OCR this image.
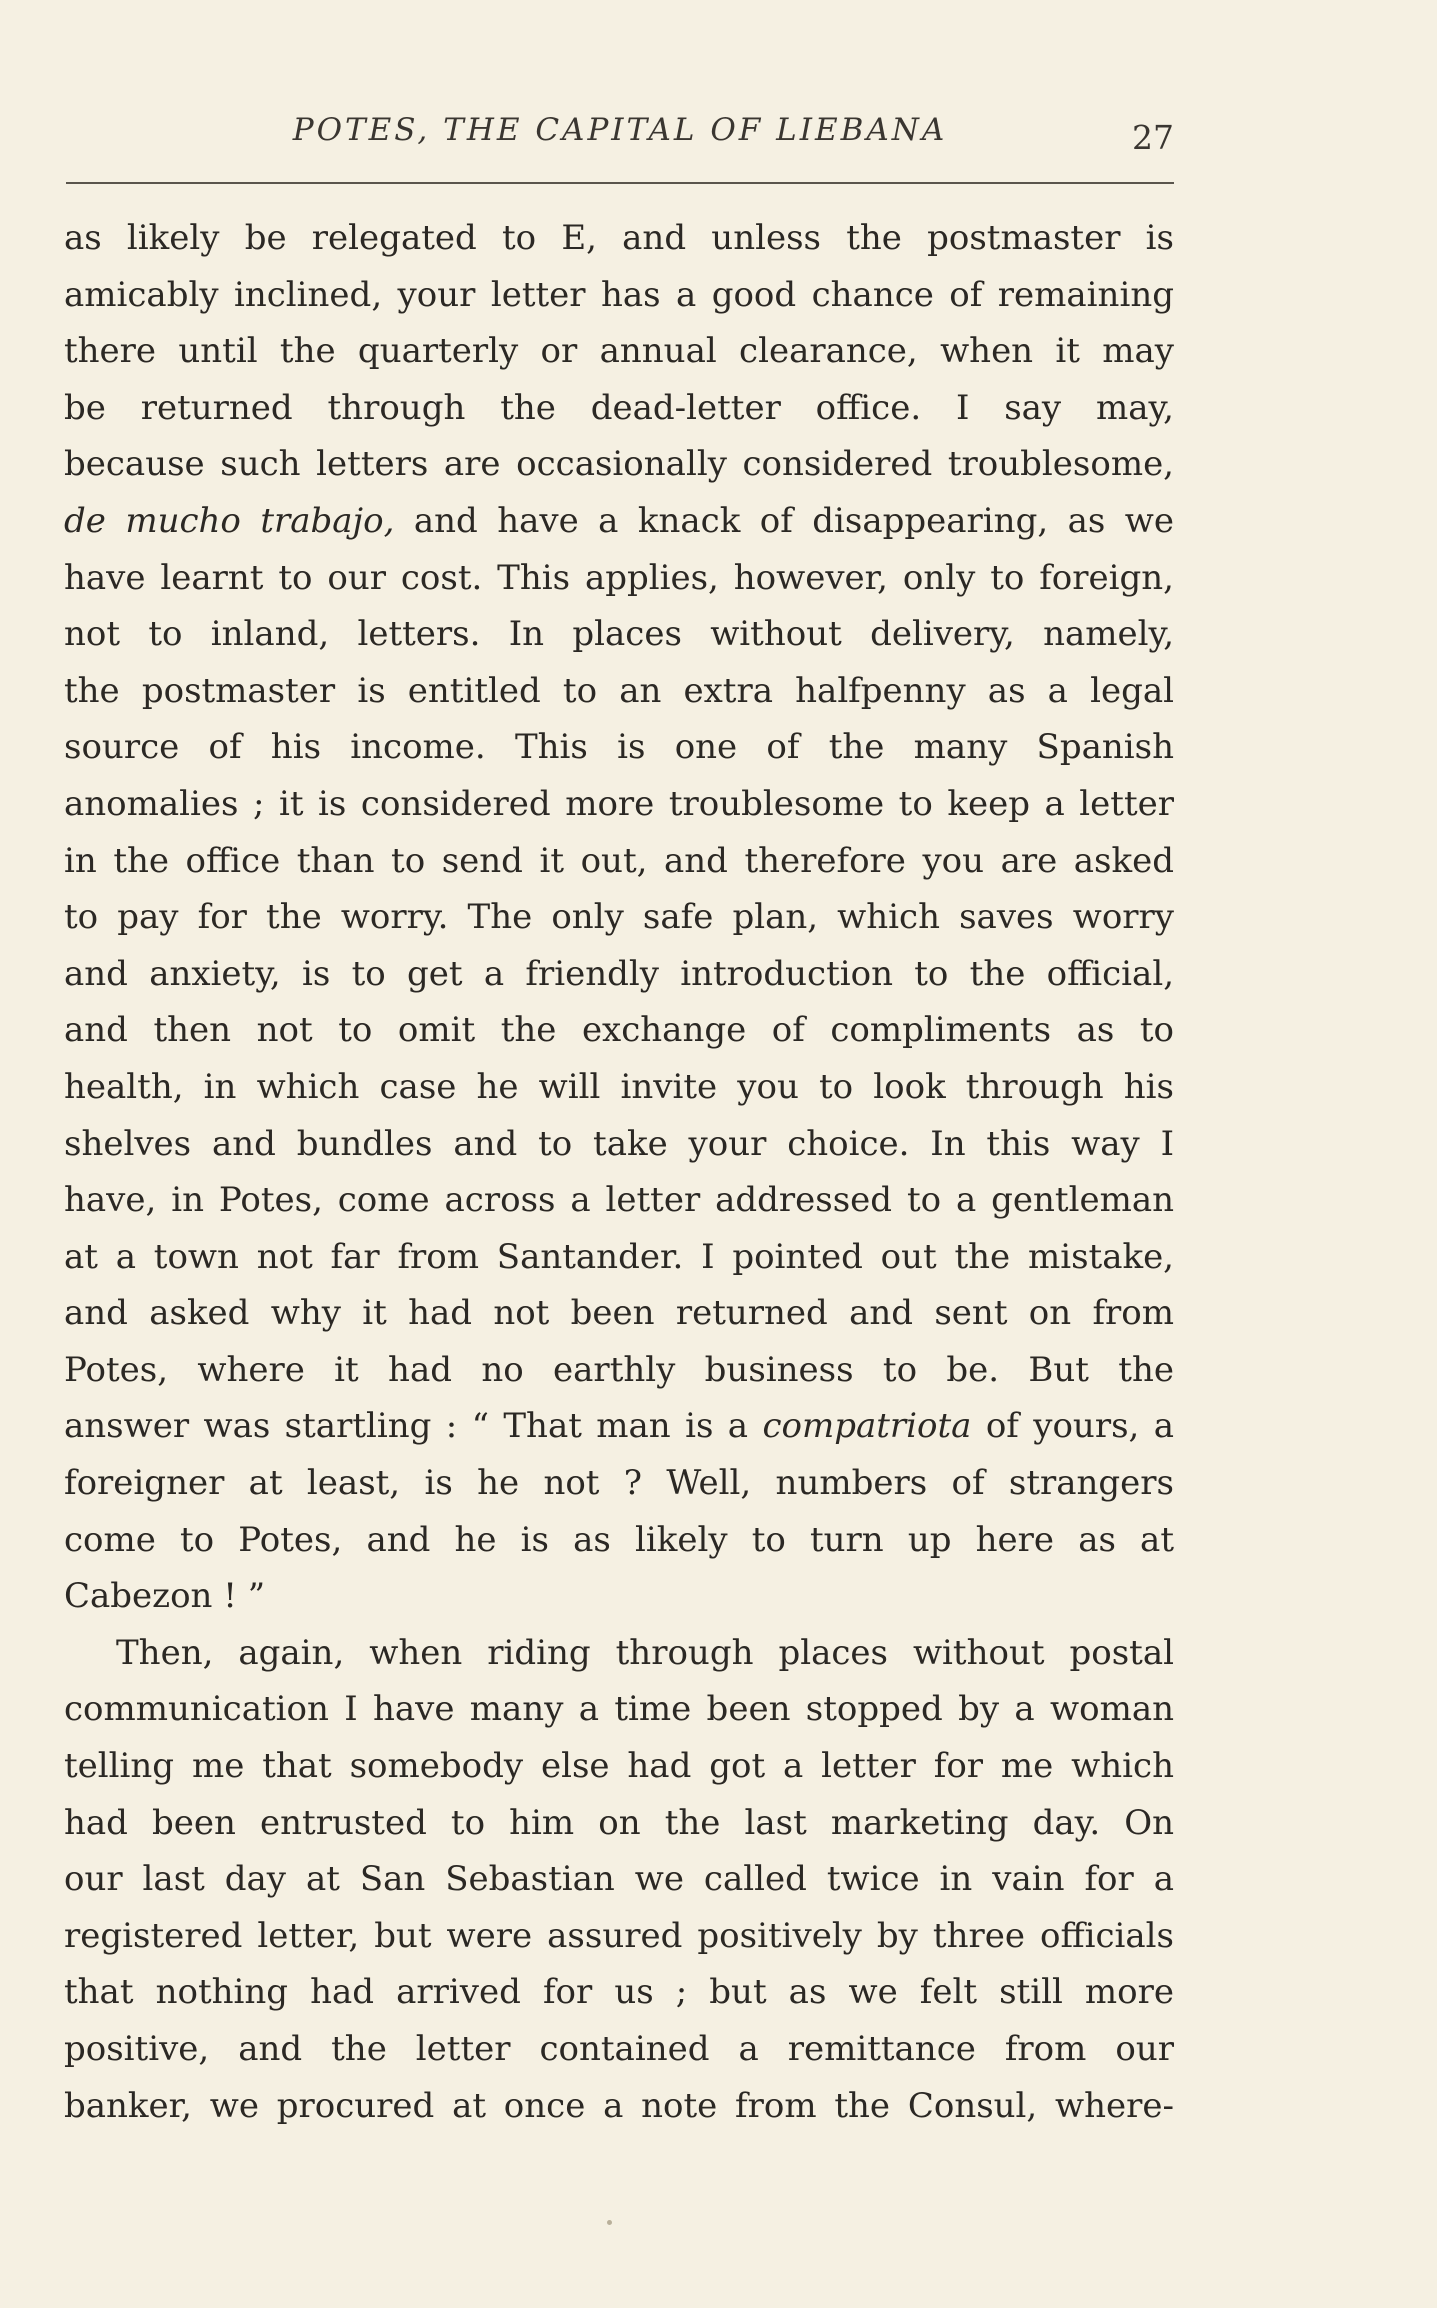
POTES, THE CAPITAL OF LIEBANA	27
as likely be relegated to E, and unless the postmaster is
amicably inclined, your letter has a good chance of remaining
there until the quarterly or annual clearance, when it may
be returned through the dead-letter office. I say may,
because such letters are occasionally considered troublesome,
de mucho trabajo, and have a knack of disappearing, as we
have learnt to our cost. This applies, however, only to foreign,
not to inland, letters. In places without delivery, namely,
the postmaster is entitled to an extra halfpenny as a legal
source of his income. This is one of the many Spanish
anomalies ; it is considered more troublesome to keep a letter
in the office than to send it out, and therefore you are asked
to pay for the worry. The only safe plan, which saves worry
and anxiety, is to get a friendly introduction to the official,
and then not to omit the exchange of compliments as to
health, in which case he will invite you to look through his
shelves and bundles and to take your choice. In this way I
have, in Potes, come across a letter addressed to a gentleman
at a town not far from Santander. I pointed out the mistake,
and asked why it had not been returned and sent on from
Potes, where it had no earthly business to be. But the
answer was startling : “ That man is a compatriota of yours, a
foreigner at least, is he not ? Well, numbers of strangers
come to Potes, and he is as likely to turn up here as at
Cabezon ! ”
Then, again, when riding through places without postal
communication I have many a time been stopped by a woman
telling me that somebody else had got a letter for me which
had been entrusted to him on the last marketing day. On
our last day at San Sebastian we called twice in vain for a
registered letter, but were assured positively by three officials
that nothing had arrived for us ; but as we felt still more
positive, and the letter contained a remittance from our
banker, we procured at once a note from the Consul, where-
